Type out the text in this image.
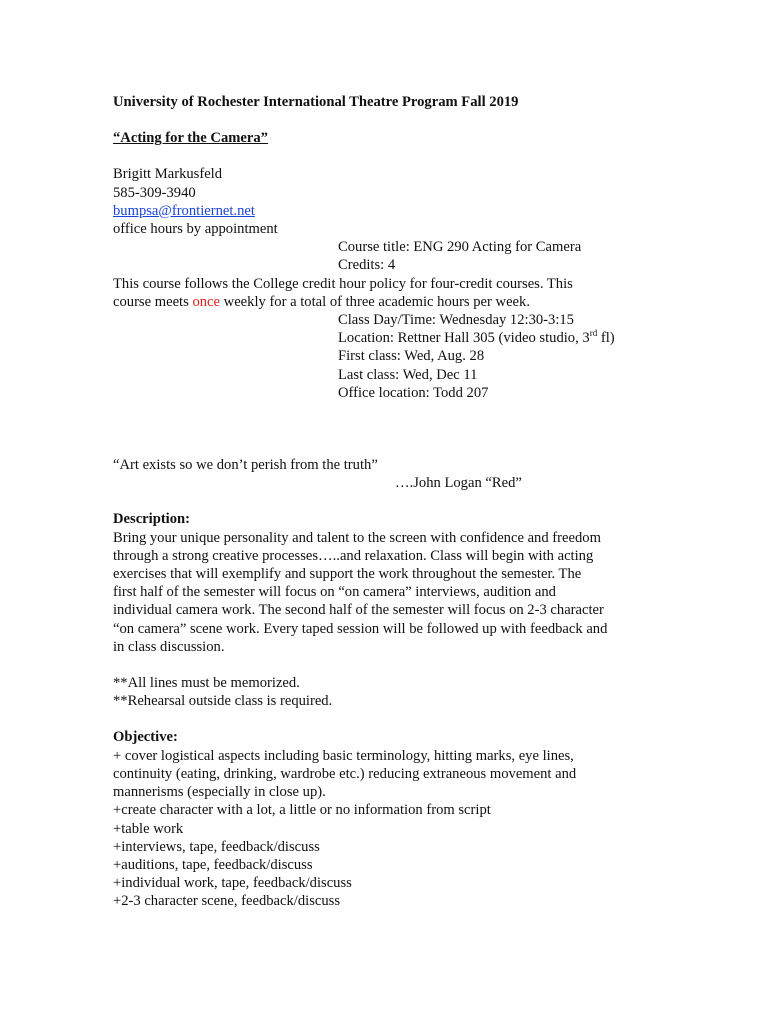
University of Rochester International Theatre Program Fall 2019

“Acting for the Camera”

Brigitt Markusfeld

585-309-3940

bumpsa@frontiernet.net

office hours by appointment

Course title: ENG 290 Acting for Camera

Credits: 4

This course follows the College credit hour policy for four-credit courses. This

course meets once weekly for a total of three academic hours per week.

Class Day/Time: Wednesday 12:30-3:15

Location: Rettner Hall 305 (video studio, 3rd fl)

First class: Wed, Aug. 28

Last class: Wed, Dec 11

Office location: Todd 207

“Art exists so we don’t perish from the truth”

….John Logan “Red”

Description:

Bring your unique personality and talent to the screen with confidence and freedom

through a strong creative processes…..and relaxation. Class will begin with acting

exercises that will exemplify and support the work throughout the semester. The

first half of the semester will focus on “on camera” interviews, audition and

individual camera work. The second half of the semester will focus on 2-3 character

“on camera” scene work. Every taped session will be followed up with feedback and

in class discussion.

**All lines must be memorized.

**Rehearsal outside class is required.

Objective:

+ cover logistical aspects including basic terminology, hitting marks, eye lines,

continuity (eating, drinking, wardrobe etc.) reducing extraneous movement and

mannerisms (especially in close up).

+create character with a lot, a little or no information from script

+table work

+interviews, tape, feedback/discuss

+auditions, tape, feedback/discuss

+individual work, tape, feedback/discuss

+2-3 character scene, feedback/discuss
